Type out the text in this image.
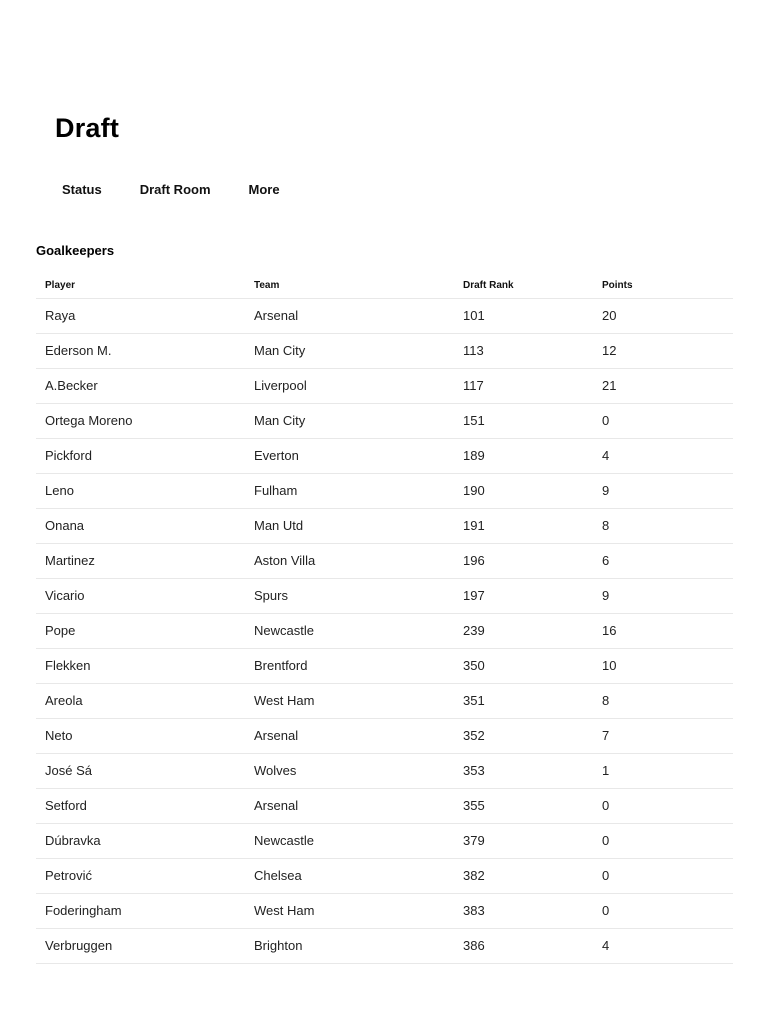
Draft
Status	Draft Room	More
Goalkeepers
Player	Team	Draft Rank	Points
Raya	Arsenal	101	20
Ederson M.	Man City	113	12
A.Becker	Liverpool	117	21
Ortega Moreno	Man City	151	0
Pickford	Everton	189	4
Leno	Fulham	190	9
Onana	Man Utd	191	8
Martinez	Aston Villa	196	6
Vicario	Spurs	197	9
Pope	Newcastle	239	16
Flekken	Brentford	350	10
Areola	West Ham	351	8
Neto	Arsenal	352	7
José Sá	Wolves	353	1
Setford	Arsenal	355	0
Dúbravka	Newcastle	379	0
Petrović	Chelsea	382	0
Foderingham	West Ham	383	0
Verbruggen	Brighton	386	4
